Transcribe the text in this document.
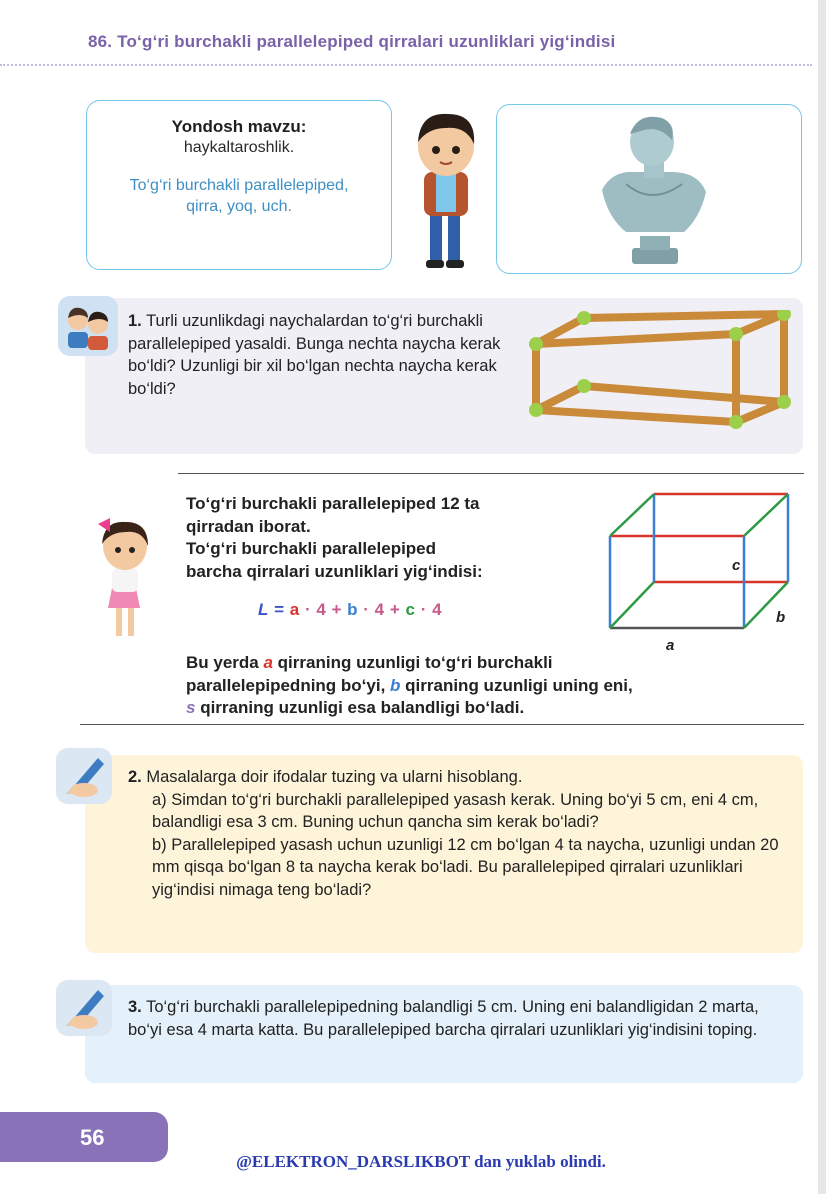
86. To‘g‘ri burchakli parallelepiped qirralari uzunliklari yig‘indisi
Yondosh mavzu:
haykaltaroshlik.
To‘g‘ri burchakli parallelepiped, qirra, yoq, uch.
1. Turli uzunlikdagi naychalardan to‘g‘ri burchakli parallelepiped yasaldi. Bunga nechta naycha kerak bo‘ldi? Uzunligi bir xil bo‘lgan nechta naycha kerak bo‘ldi?
To‘g‘ri burchakli parallelepiped 12 ta
qirradan iborat.
To‘g‘ri burchakli parallelepiped
barcha qirralari uzunliklari yig‘indisi:
L = a · 4 + b · 4 + c · 4
c
b
a
Bu yerda a qirraning uzunligi to‘g‘ri burchakli
parallelepipedning bo‘yi, b qirraning uzunligi uning eni,
s qirraning uzunligi esa balandligi bo‘ladi.
2. Masalalarga doir ifodalar tuzing va ularni hisoblang.
a) Simdan to‘g‘ri burchakli parallelepiped yasash kerak. Uning bo‘yi 5 cm, eni 4 cm, balandligi esa 3 cm. Buning uchun qancha sim kerak bo‘ladi?
b) Parallelepiped yasash uchun uzunligi 12 cm bo‘lgan 4 ta naycha, uzunligi undan 20 mm qisqa bo‘lgan 8 ta naycha kerak bo‘ladi. Bu parallelepiped qirralari uzunliklari yig‘indisi nimaga teng bo‘ladi?
3. To‘g‘ri burchakli parallelepipedning balandligi 5 cm. Uning eni balandligidan 2 marta, bo‘yi esa 4 marta katta. Bu parallelepiped barcha qirralari uzunliklari yig‘indisini toping.
56
@ELEKTRON_DARSLIKBOT dan yuklab olindi.
